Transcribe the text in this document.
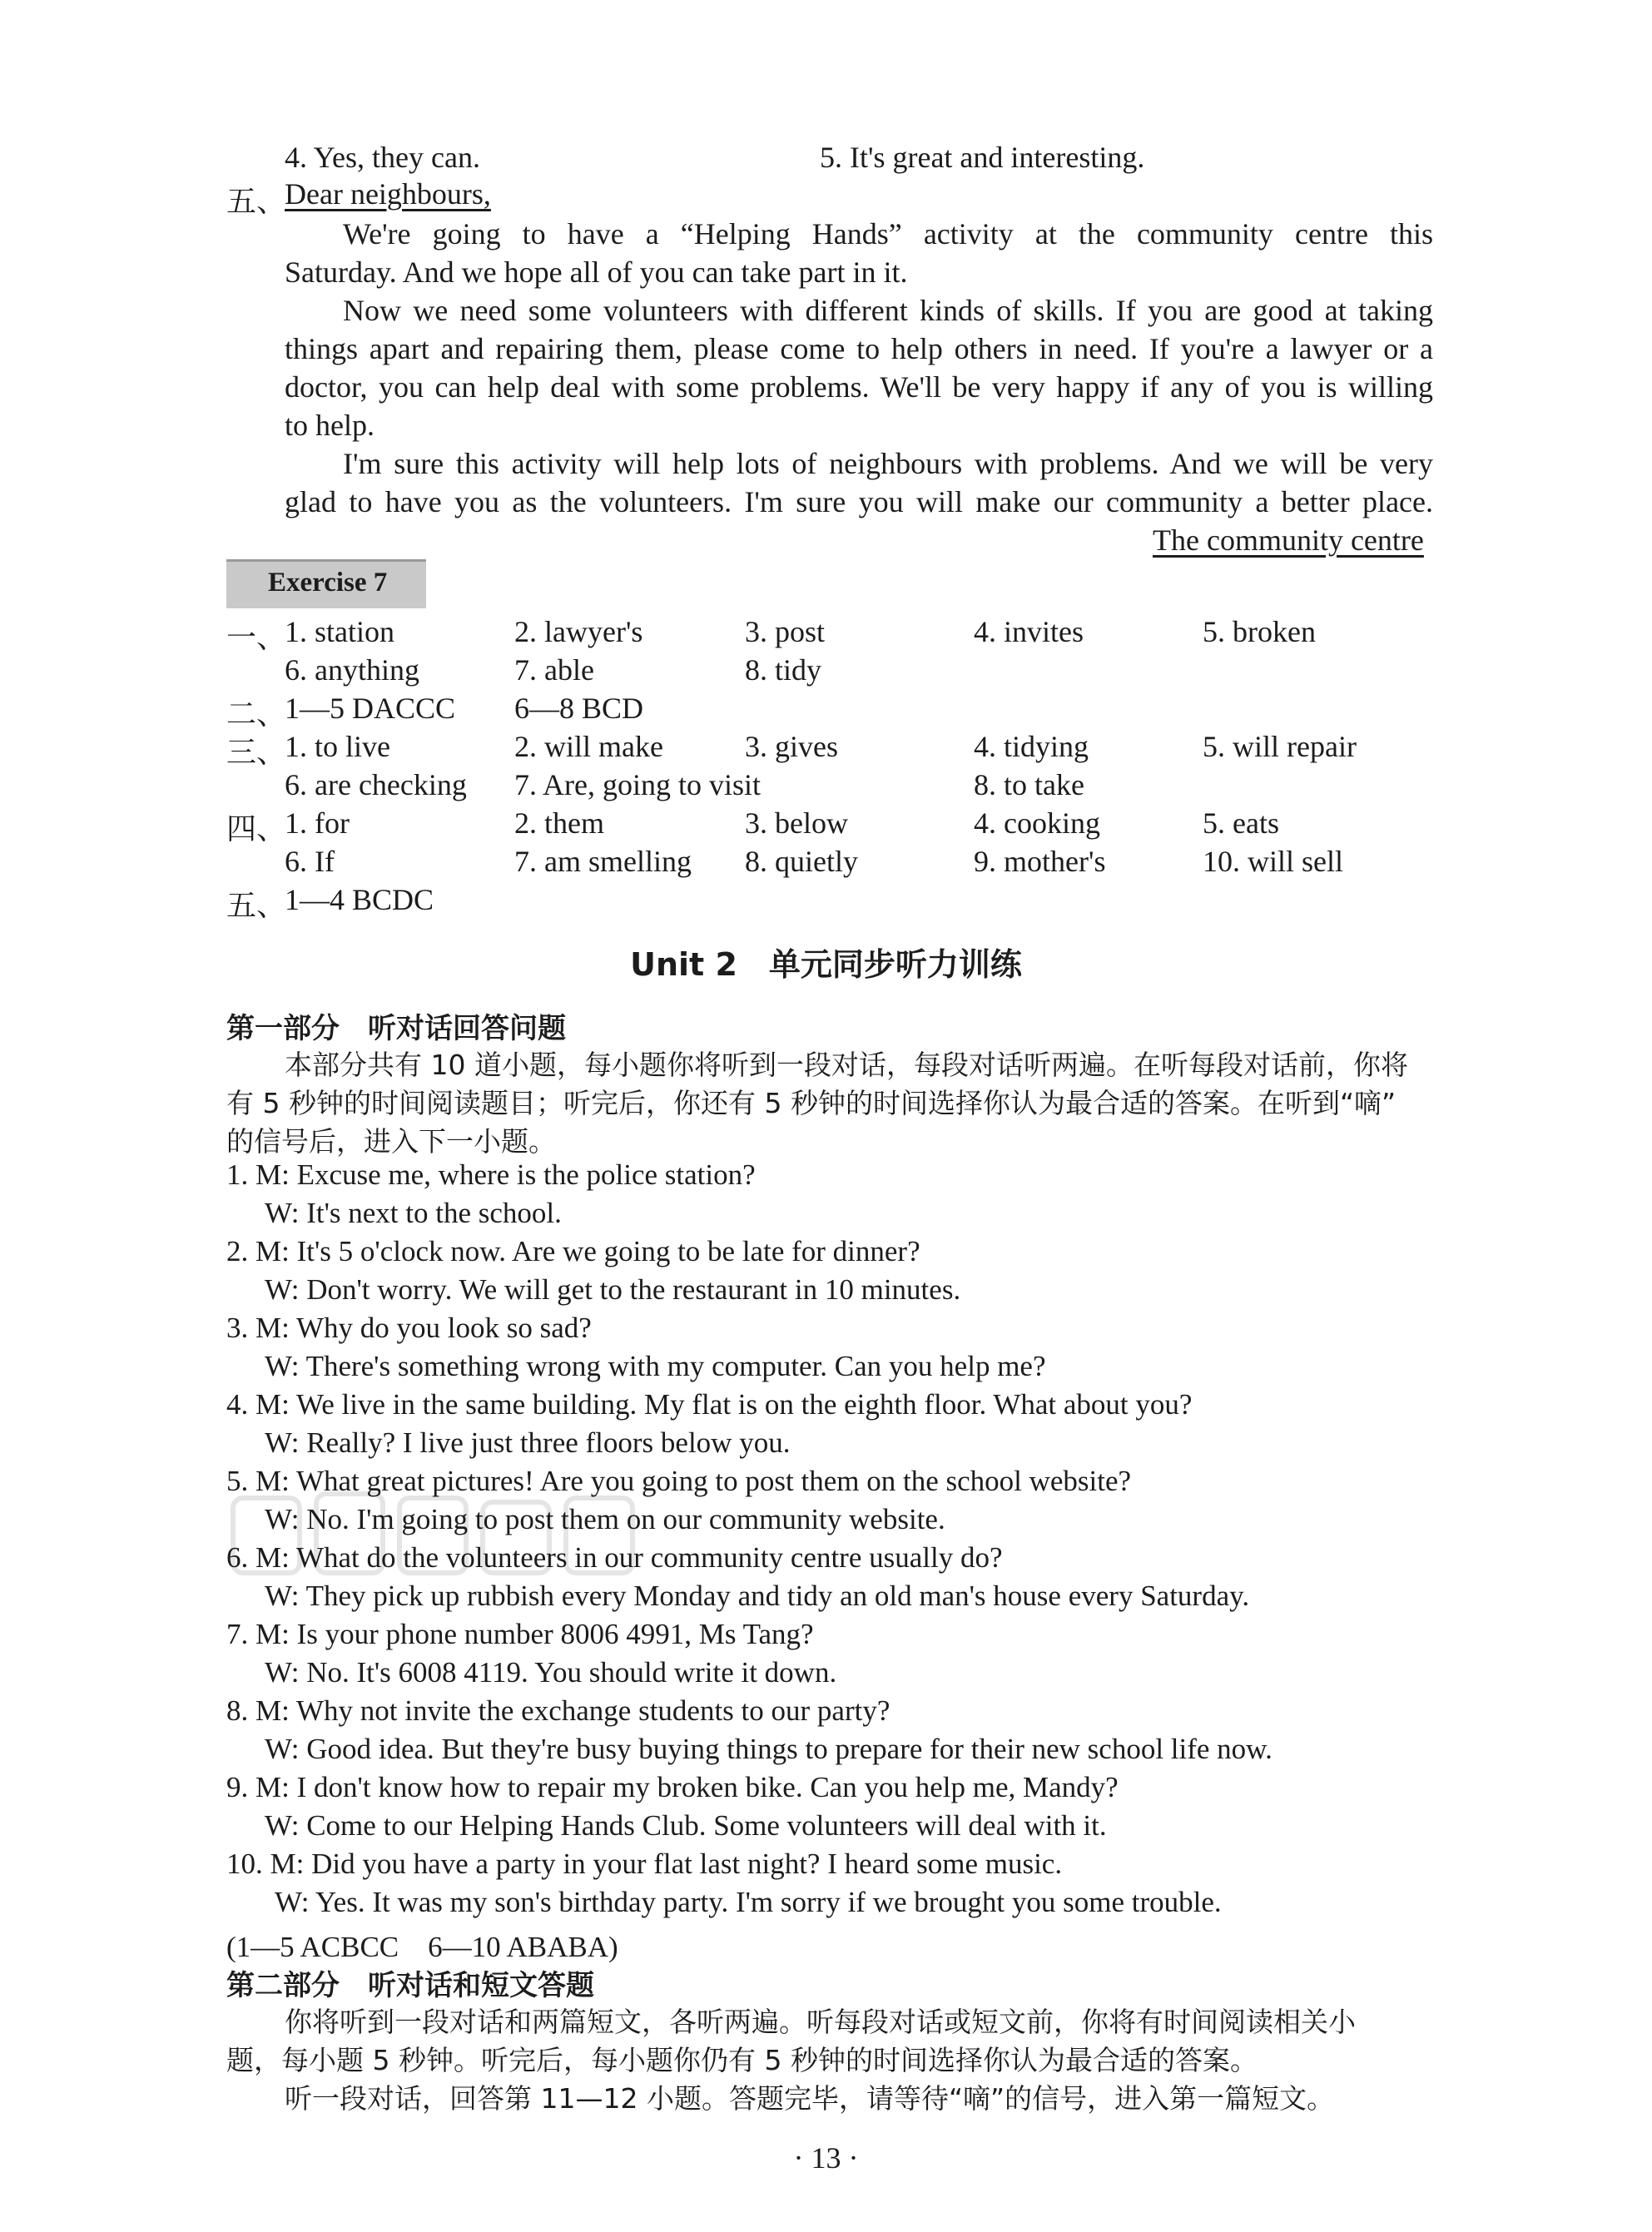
4. Yes, they can.	5. It's great and interesting.
五、
Dear neighbours,
We're going to have a “Helping Hands” activity at the community centre this
Saturday. And we hope all of you can take part in it.
Now we need some volunteers with different kinds of skills. If you are good at taking
things apart and repairing them, please come to help others in need. If you're a lawyer or a
doctor, you can help deal with some problems. We'll be very happy if any of you is willing
to help.
I'm sure this activity will help lots of neighbours with problems. And we will be very
glad to have you as the volunteers. I'm sure you will make our community a better place.
The community centre
Exercise 7
一、
1. station	2. lawyer's	3. post	4. invites	5. broken
6. anything	7. able	8. tidy
二、
1—5 DACCC 6—8 BCD
三、
1. to live	2. will make	3. gives	4. tidying	5. will repair
6. are checking 7. Are, going to visit	8. to take
四、
1. for	2. them	3. below	4. cooking	5. eats
6. If	7. am smelling 8. quietly	9. mother's	10. will sell
五、
1—4 BCDC
Unit 2　单元同步听力训练
第一部分　听对话回答问题
本部分共有 10 道小题，每小题你将听到一段对话，每段对话听两遍。在听每段对话前，你将
有 5 秒钟的时间阅读题目；听完后，你还有 5 秒钟的时间选择你认为最合适的答案。在听到“嘀”
的信号后，进入下一小题。
1. M: Excuse me, where is the police station?
W: It's next to the school.
2. M: It's 5 o'clock now. Are we going to be late for dinner?
W: Don't worry. We will get to the restaurant in 10 minutes.
3. M: Why do you look so sad?
W: There's something wrong with my computer. Can you help me?
4. M: We live in the same building. My flat is on the eighth floor. What about you?
W: Really? I live just three floors below you.
5. M: What great pictures! Are you going to post them on the school website?
W: No. I'm going to post them on our community website.
6. M: What do the volunteers in our community centre usually do?
W: They pick up rubbish every Monday and tidy an old man's house every Saturday.
7. M: Is your phone number 8006 4991, Ms Tang?
W: No. It's 6008 4119. You should write it down.
8. M: Why not invite the exchange students to our party?
W: Good idea. But they're busy buying things to prepare for their new school life now.
9. M: I don't know how to repair my broken bike. Can you help me, Mandy?
W: Come to our Helping Hands Club. Some volunteers will deal with it.
10. M: Did you have a party in your flat last night? I heard some music.
W: Yes. It was my son's birthday party. I'm sorry if we brought you some trouble.
(1—5 ACBCC　6—10 ABABA)
第二部分　听对话和短文答题
你将听到一段对话和两篇短文，各听两遍。听每段对话或短文前，你将有时间阅读相关小
题，每小题 5 秒钟。听完后，每小题你仍有 5 秒钟的时间选择你认为最合适的答案。
听一段对话，回答第 11—12 小题。答题完毕，请等待“嘀”的信号，进入第一篇短文。
· 13 ·
